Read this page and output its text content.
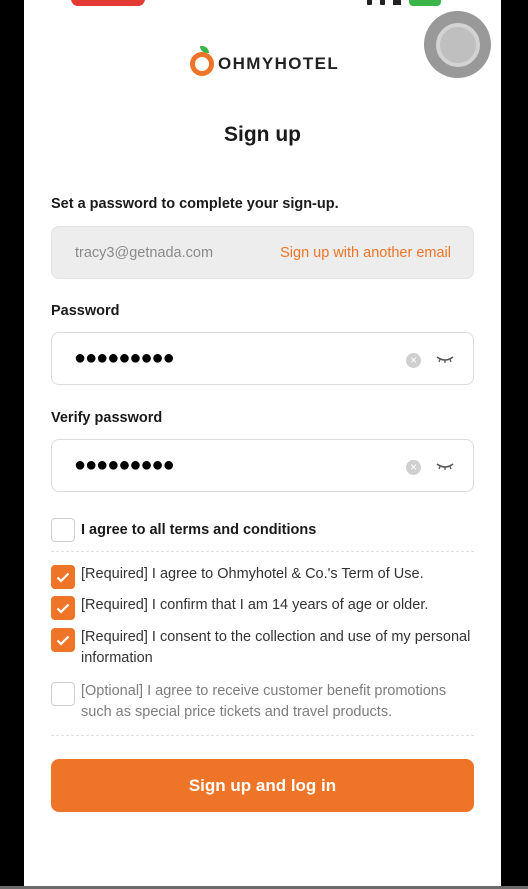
OHMYHOTEL
Sign up
Set a password to complete your sign-up.
tracy3@getnada.com	Sign up with another email
Password
●●●●●●●●●	×
Verify password
●●●●●●●●●	×
I agree to all terms and conditions
[Required] I agree to Ohmyhotel & Co.'s Term of Use.
[Required] I confirm that I am 14 years of age or older.
[Required] I consent to the collection and use of my personal information
[Optional] I agree to receive customer benefit promotions such as special price tickets and travel products.
Sign up and log in
